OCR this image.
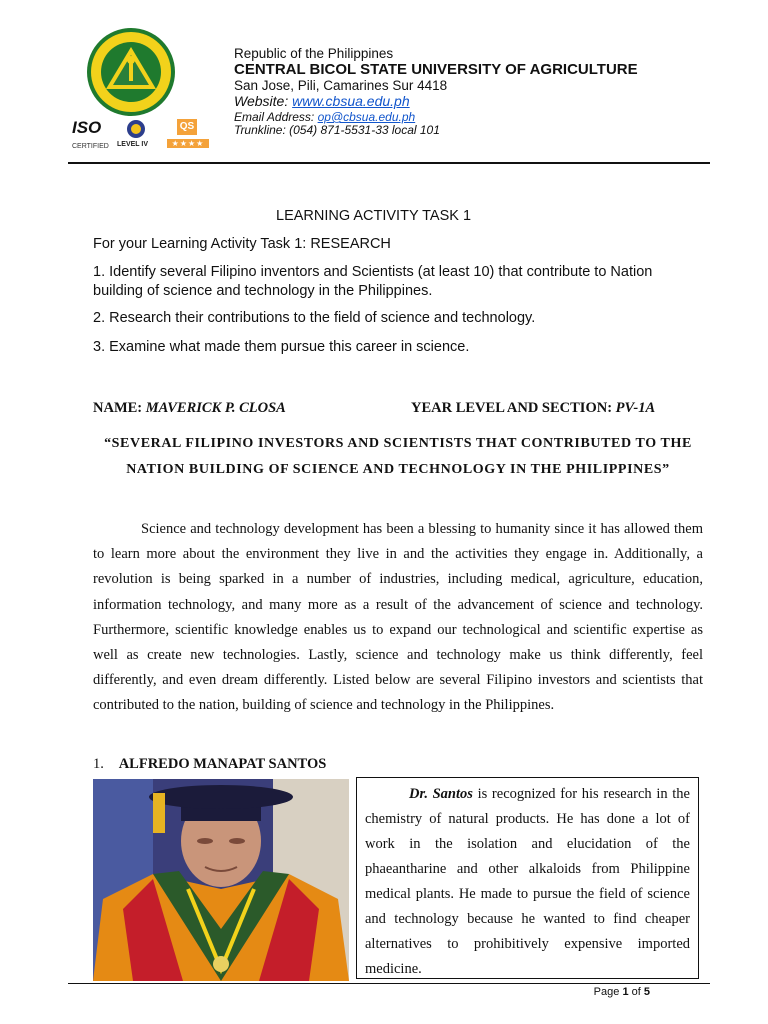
ISO
CERTIFIED LEVEL IV
QS
★★★★
Republic of the Philippines
CENTRAL BICOL STATE UNIVERSITY OF AGRICULTURE
San Jose, Pili, Camarines Sur 4418
Website: www.cbsua.edu.ph
Email Address: op@cbsua.edu.ph
Trunkline: (054) 871-5531-33 local 101
LEARNING ACTIVITY TASK 1
For your Learning Activity Task 1: RESEARCH
1. Identify several Filipino inventors and Scientists (at least 10) that contribute to Nation building of science and technology in the Philippines.
2. Research their contributions to the field of science and technology.
3. Examine what made them pursue this career in science.
NAME: MAVERICK P. CLOSA	YEAR LEVEL AND SECTION: PV-1A
“SEVERAL FILIPINO INVESTORS AND SCIENTISTS THAT CONTRIBUTED TO THE NATION BUILDING OF SCIENCE AND TECHNOLOGY IN THE PHILIPPINES”
Science and technology development has been a blessing to humanity since it has allowed them to learn more about the environment they live in and the activities they engage in. Additionally, a revolution is being sparked in a number of industries, including medical, agriculture, education, information technology, and many more as a result of the advancement of science and technology. Furthermore, scientific knowledge enables us to expand our technological and scientific expertise as well as create new technologies. Lastly, science and technology make us think differently, feel differently, and even dream differently. Listed below are several Filipino investors and scientists that contributed to the nation, building of science and technology in the Philippines.
1. ALFREDO MANAPAT SANTOS
Dr. Santos is recognized for his research in the chemistry of natural products. He has done a lot of work in the isolation and elucidation of the phaeantharine and other alkaloids from Philippine medical plants. He made to pursue the field of science and technology because he wanted to find cheaper alternatives to prohibitively expensive imported medicine.
Page 1 of 5
